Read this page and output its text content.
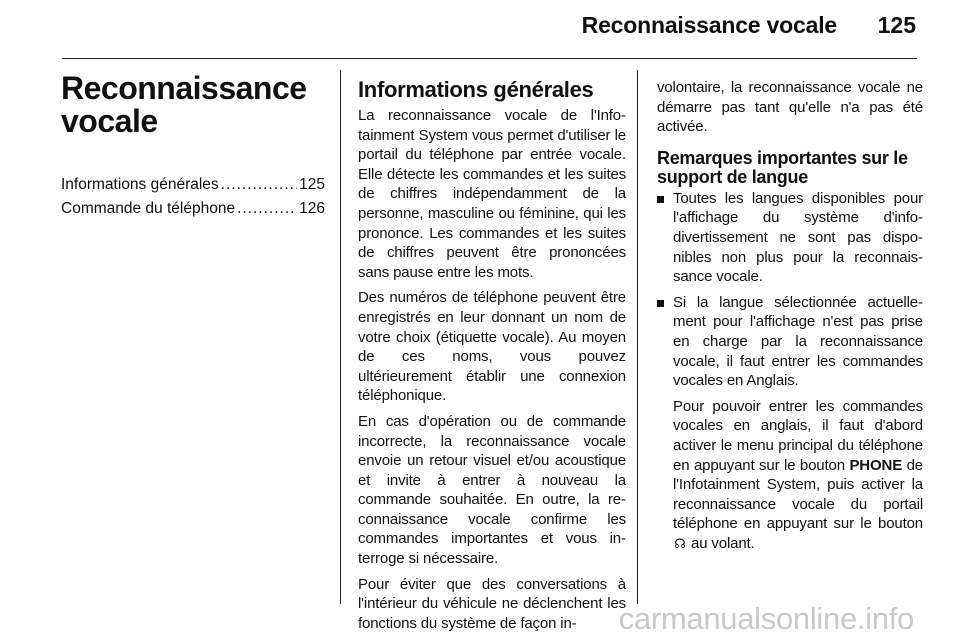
Reconnaissance vocale 125
Reconnaissance
vocale
Informations générales .....	125
Commande du téléphone .....	126
Informations générales

La reconnaissance vocale de l'Infotainment System vous permet d'utiliser le portail du téléphone par entrée vocale. Elle détecte les commandes et les suites de chiffres indépendamment de la personne, masculine ou féminine, qui les prononce. Les commandes et les suites de chiffres peuvent être prononcées sans pause entre les mots.

Des numéros de téléphone peuvent être enregistrés en leur donnant un nom de votre choix (étiquette vocale). Au moyen de ces noms, vous pouvez ultérieurement établir une connexion téléphonique.

En cas d'opération ou de commande incorrecte, la reconnaissance vocale envoie un retour visuel et/ou acoustique et invite à entrer à nouveau la commande souhaitée. En outre, la reconnaissance vocale confirme les commandes importantes et vous interroge si nécessaire.

Pour éviter que des conversations à l'intérieur du véhicule ne déclenchent les fonctions du système de façon in-

volontaire, la reconnaissance vocale ne démarre pas tant qu'elle n'a pas été activée.

Remarques importantes sur le support de langue

Toutes les langues disponibles pour l'affichage du système d'infodivertissement ne sont pas disponibles non plus pour la reconnaissance vocale.

Si la langue sélectionnée actuellement pour l'affichage n'est pas prise en charge par la reconnaissance vocale, il faut entrer les commandes vocales en Anglais.

Pour pouvoir entrer les commandes vocales en anglais, il faut d'abord activer le menu principal du téléphone en appuyant sur le bouton PHONE de l'Infotainment System, puis activer la reconnaissance vocale du portail téléphone en appuyant sur le bouton ☊ au volant.

carmanualsonline.info
